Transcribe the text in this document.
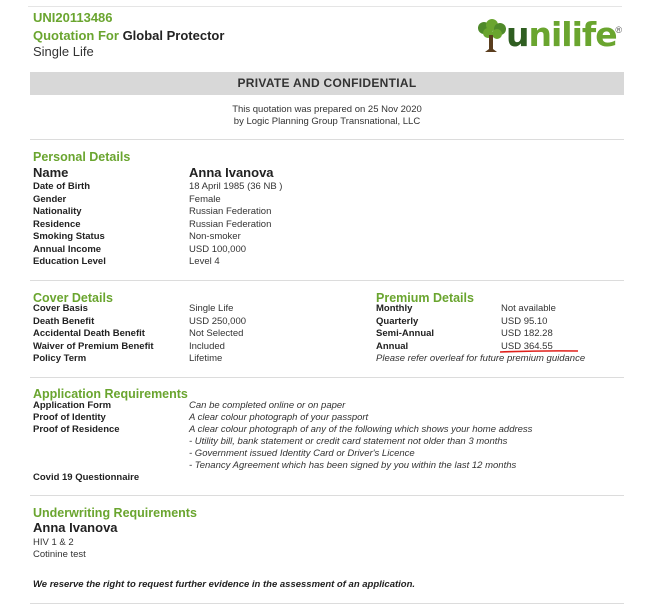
UNI20113486
Quotation For Global Protector
Single Life	unilife
®
PRIVATE AND CONFIDENTIAL
This quotation was prepared on 25 Nov 2020
by Logic Planning Group Transnational, LLC
Personal Details
Name	Anna Ivanova
Date of Birth	18 April 1985 (36 NB )
Gender	Female
Nationality	Russian Federation
Residence	Russian Federation
Smoking Status	Non-smoker
Annual Income	USD 100,000
Education Level	Level 4
Cover Details
Cover Basis	Single Life
Death Benefit	USD 250,000
Accidental Death Benefit	Not Selected
Waiver of Premium Benefit	Included
Policy Term	Lifetime
Premium Details
Monthly	Not available
Quarterly	USD 95.10
Semi-Annual	USD 182.28
Annual	USD 364.55
Please refer overleaf for future premium guidance
Application Requirements
Application Form	Can be completed online or on paper
Proof of Identity	A clear colour photograph of your passport
Proof of Residence	A clear colour photograph of any of the following which shows your home address
- Utility bill, bank statement or credit card statement not older than 3 months
- Government issued Identity Card or Driver's Licence
- Tenancy Agreement which has been signed by you within the last 12 months
Covid 19 Questionnaire
Underwriting Requirements
Anna Ivanova
HIV 1 & 2
Cotinine test
We reserve the right to request further evidence in the assessment of an application.
